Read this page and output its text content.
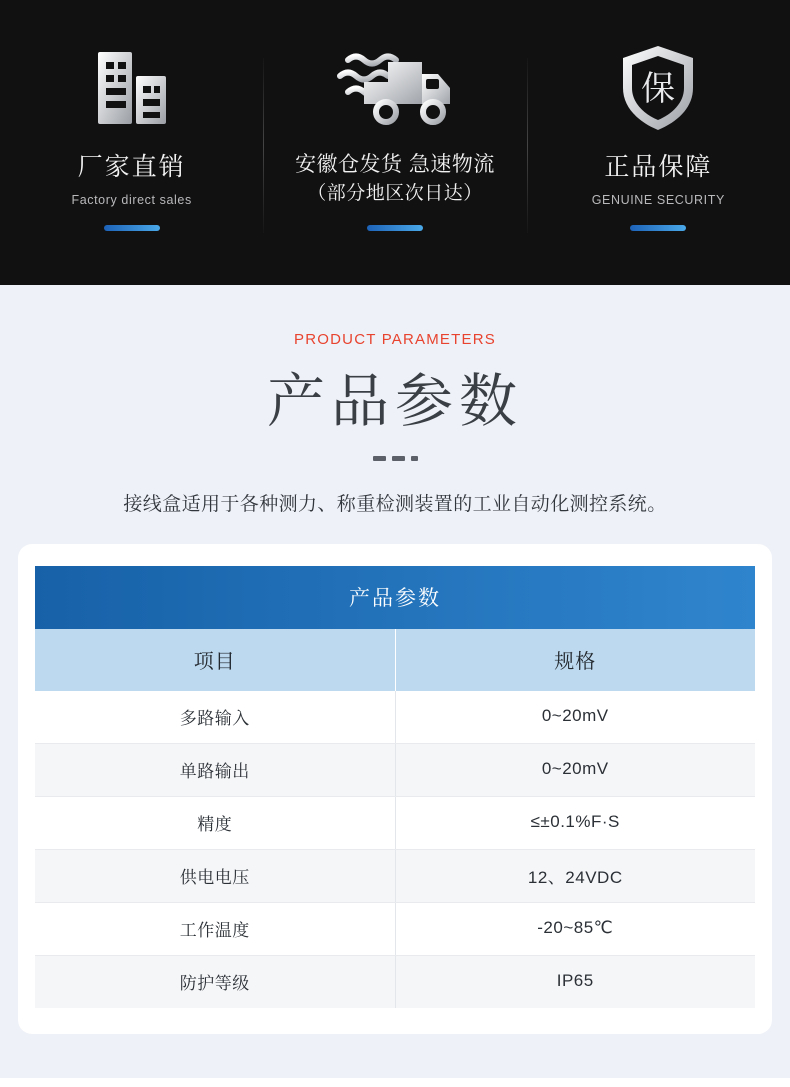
厂家直销
Factory direct sales
安徽仓发货 急速物流
（部分地区次日达）
保
正品保障
GENUINE SECURITY
PRODUCT PARAMETERS
产品参数
接线盒适用于各种测力、称重检测装置的工业自动化测控系统。
产品参数
项目	规格
多路输入	0~20mV
单路输出	0~20mV
精度	≤±0.1%F·S
供电电压	12、24VDC
工作温度	-20~85℃
防护等级	IP65
